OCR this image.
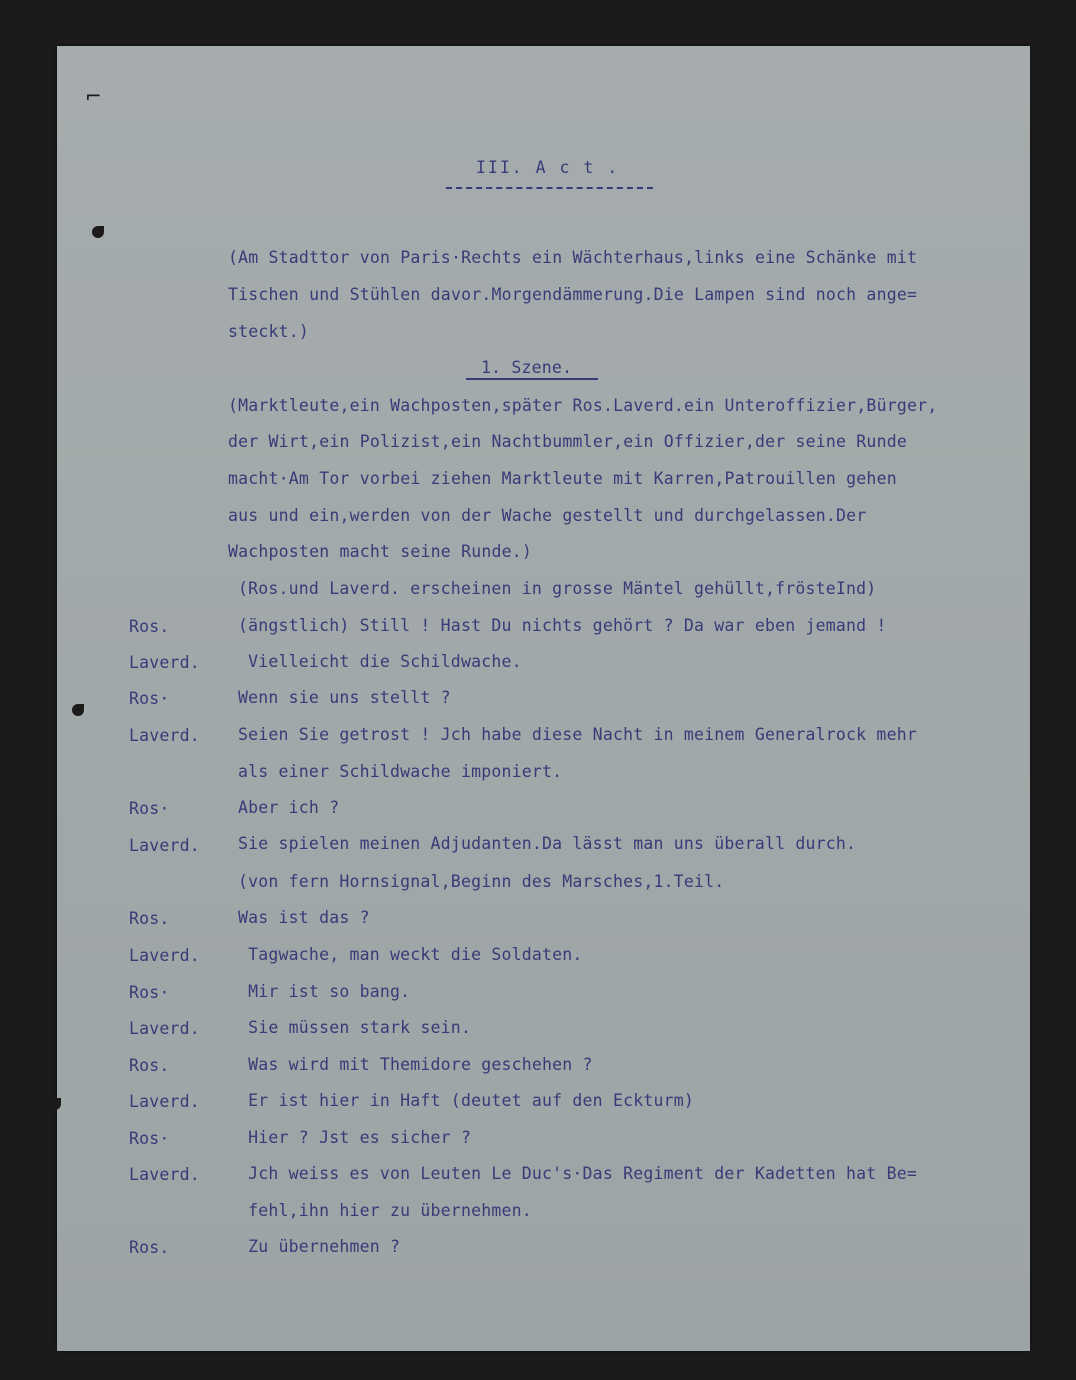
III. A c t .
(Am Stadttor von Paris·Rechts ein Wächterhaus,links eine Schänke mit
Tischen und Stühlen davor.Morgendämmerung.Die Lampen sind noch ange=
steckt.)
1. Szene.
(Marktleute,ein Wachposten,später Ros.Laverd.ein Unteroffizier,Bürger,
der Wirt,ein Polizist,ein Nachtbummler,ein Offizier,der seine Runde
macht·Am Tor vorbei ziehen Marktleute mit Karren,Patrouillen gehen
aus und ein,werden von der Wache gestellt und durchgelassen.Der
Wachposten macht seine Runde.)
(Ros.und Laverd. erscheinen in grosse Mäntel gehüllt,frösteInd)
Ros.	(ängstlich) Still ! Hast Du nichts gehört ? Da war eben jemand !
Laverd. Vielleicht die Schildwache.
Ros·	Wenn sie uns stellt ?
Laverd. Seien Sie getrost ! Jch habe diese Nacht in meinem Generalrock mehr
als einer Schildwache imponiert.
Ros·	Aber ich ?
Laverd. Sie spielen meinen Adjudanten.Da lässt man uns überall durch.
(von fern Hornsignal,Beginn des Marsches,1.Teil.
Ros.	Was ist das ?
Laverd. Tagwache, man weckt die Soldaten.
Ros·	Mir ist so bang.
Laverd. Sie müssen stark sein.
Ros.	Was wird mit Themidore geschehen ?
Laverd. Er ist hier in Haft (deutet auf den Eckturm)
Ros·	Hier ? Jst es sicher ?
Laverd. Jch weiss es von Leuten Le Duc's·Das Regiment der Kadetten hat Be=
fehl,ihn hier zu übernehmen.
Ros.	Zu übernehmen ?
⌐
